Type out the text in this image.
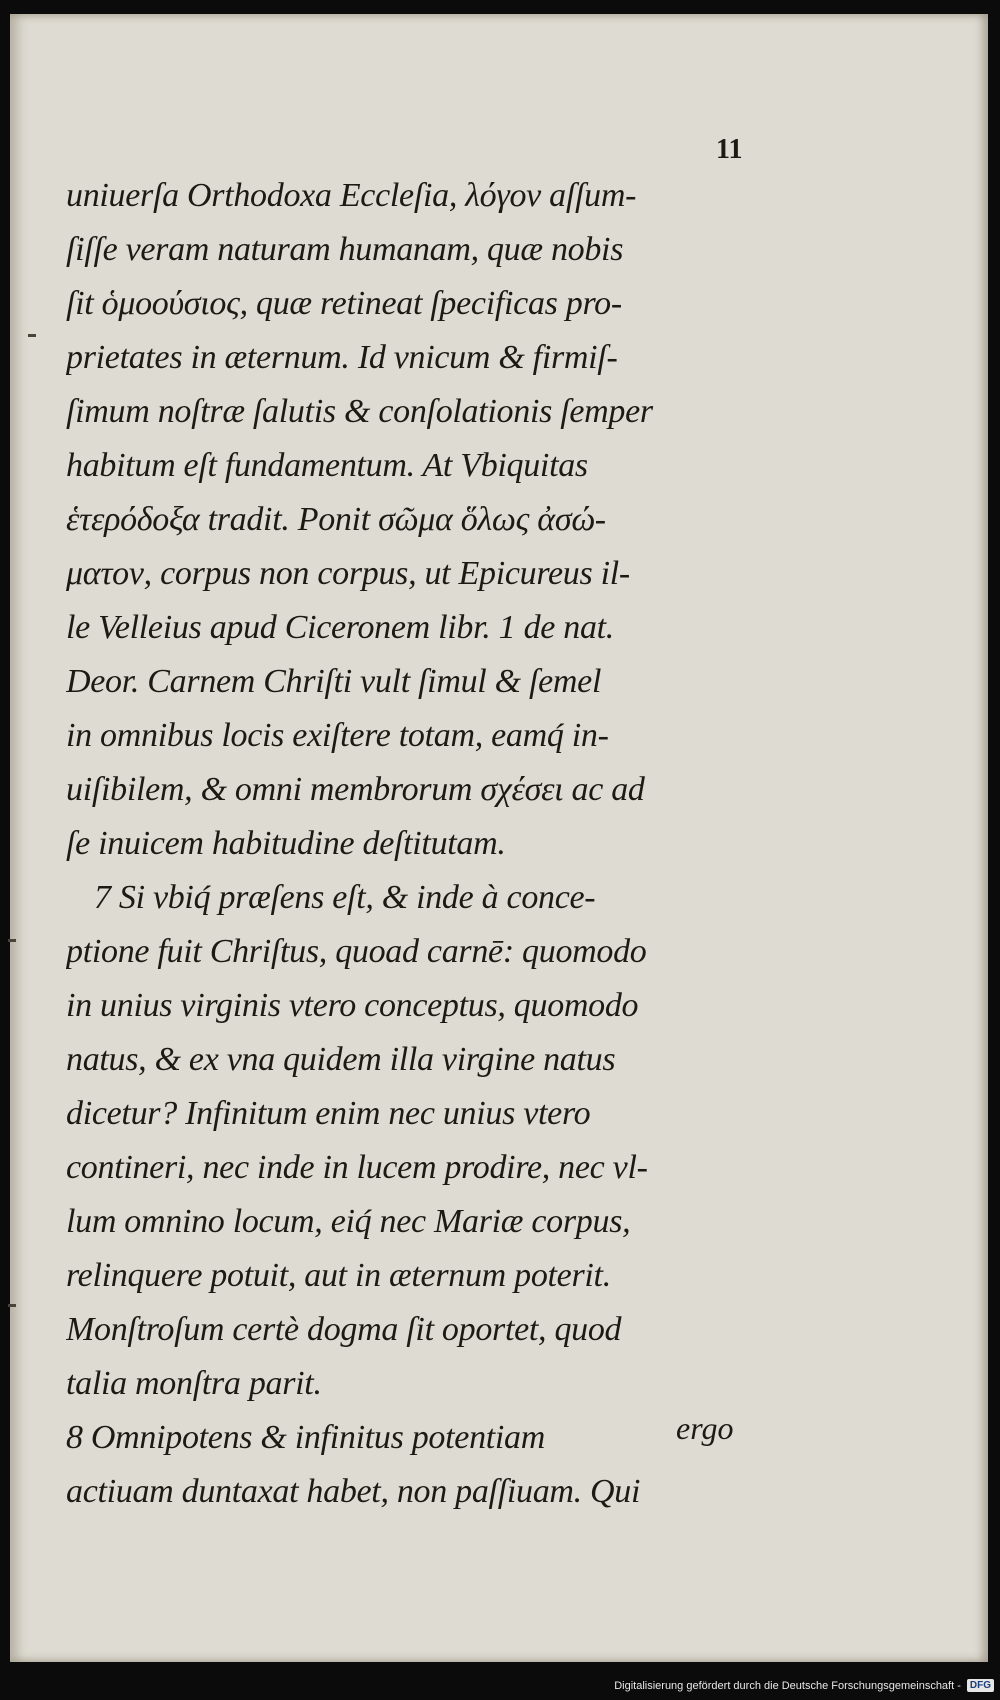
11
uniuerſa Orthodoxa Eccleſia, λόγον aſſum-
ſiſſe veram naturam humanam, quæ nobis
ſit ὁμοούσιος, quæ retineat ſpecificas pro-
prietates in æternum. Id vnicum & firmiſ-
ſimum noſtræ ſalutis & conſolationis ſemper
habitum eſt fundamentum. At Vbiquitas
ἑτερόδοξα tradit. Ponit σῶμα ὅλως ἀσώ-
ματον, corpus non corpus, ut Epicureus il-
le Velleius apud Ciceronem libr. 1 de nat.
Deor. Carnem Chriſti vult ſimul & ſemel
in omnibus locis exiſtere totam, eamq́ in-
uiſibilem, & omni membrorum σχέσει ac ad
ſe inuicem habitudine deſtitutam.
7 Si vbiq́ præſens eſt, & inde à conce-
ptione fuit Chriſtus, quoad carnē: quomodo
in unius virginis vtero conceptus, quomodo
natus, & ex vna quidem illa virgine natus
dicetur? Infinitum enim nec unius vtero
contineri, nec inde in lucem prodire, nec vl-
lum omnino locum, eiq́ nec Mariæ corpus,
relinquere potuit, aut in æternum poterit.
Monſtroſum certè dogma ſit oportet, quod
talia monſtra parit.
8 Omnipotens & infinitus potentiam
actiuam duntaxat habet, non paſſiuam. Qui
ergo
Digitalisierung gefördert durch die Deutsche Forschungsgemeinschaft - DFG
